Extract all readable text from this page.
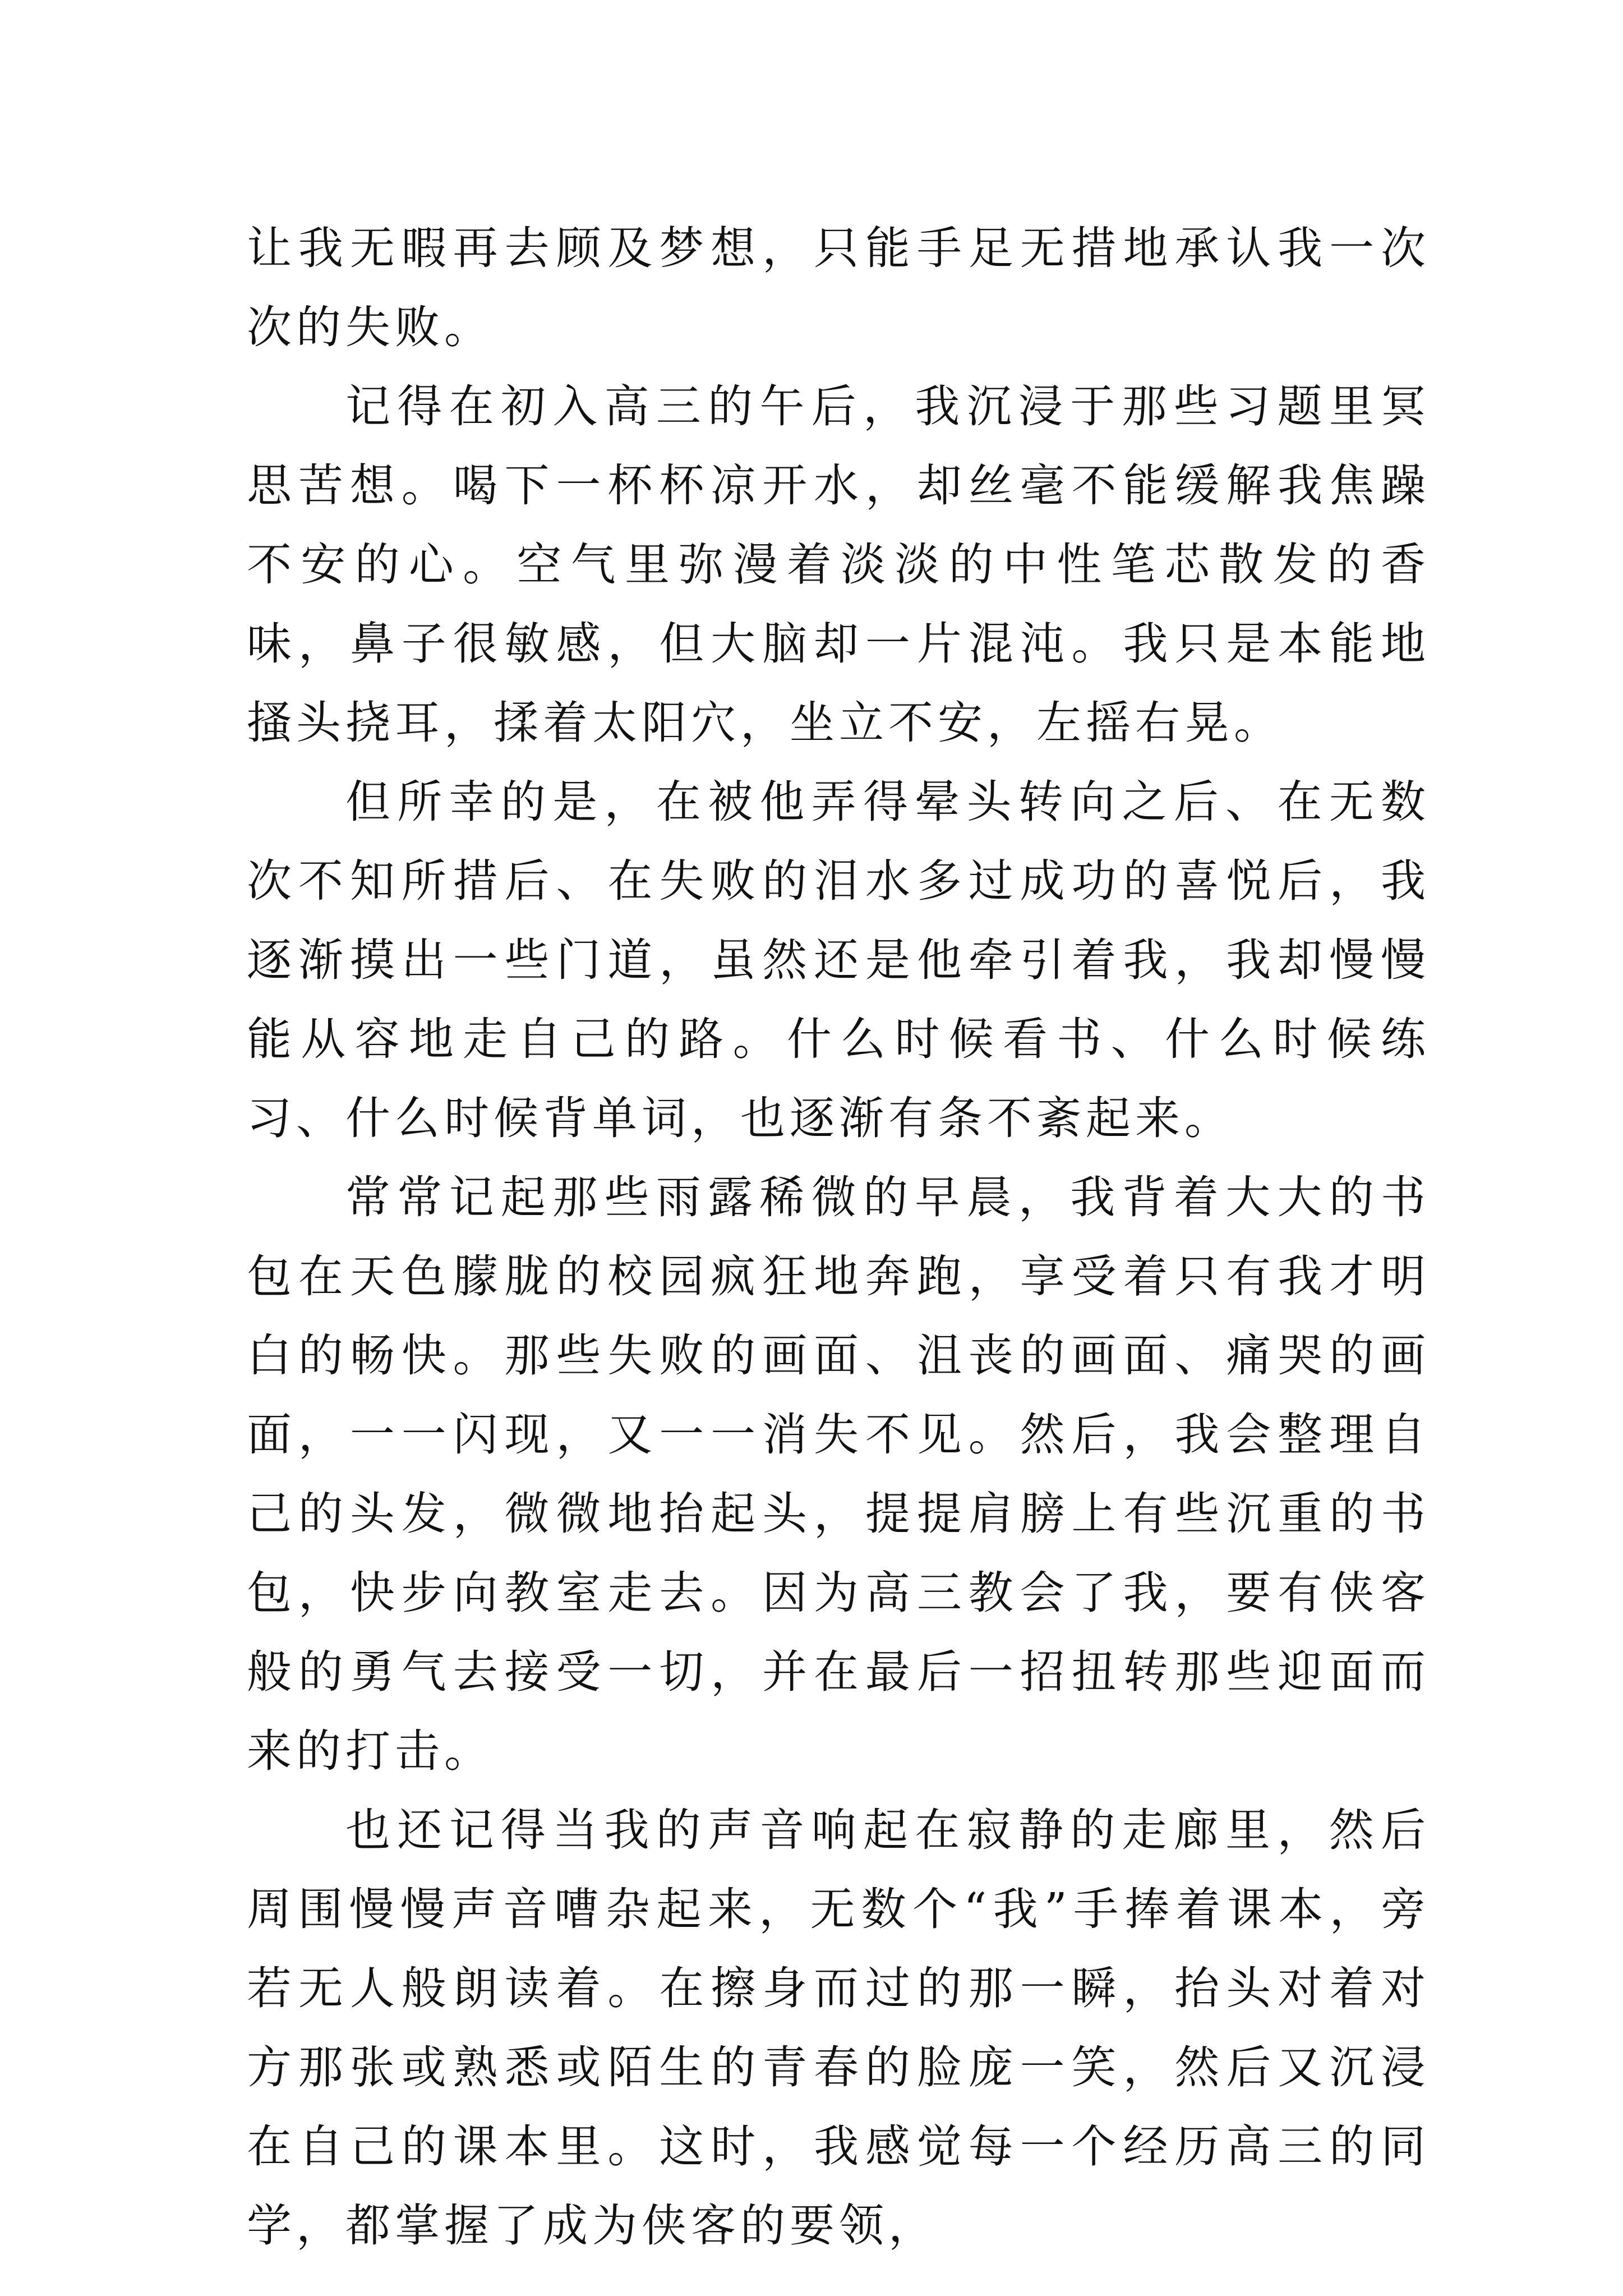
让我无暇再去顾及梦想，只能手足无措地承认我一次次的失败。

记得在初入高三的午后，我沉浸于那些习题里冥思苦想。喝下一杯杯凉开水，却丝毫不能缓解我焦躁不安的心。空气里弥漫着淡淡的中性笔芯散发的香味，鼻子很敏感，但大脑却一片混沌。我只是本能地搔头挠耳，揉着太阳穴，坐立不安，左摇右晃。

但所幸的是，在被他弄得晕头转向之后、在无数次不知所措后、在失败的泪水多过成功的喜悦后，我逐渐摸出一些门道，虽然还是他牵引着我，我却慢慢能从容地走自己的路。什么时候看书、什么时候练习、什么时候背单词，也逐渐有条不紊起来。

常常记起那些雨露稀微的早晨，我背着大大的书包在天色朦胧的校园疯狂地奔跑，享受着只有我才明白的畅快。那些失败的画面、沮丧的画面、痛哭的画面，一一闪现，又一一消失不见。然后，我会整理自己的头发，微微地抬起头，提提肩膀上有些沉重的书包，快步向教室走去。因为高三教会了我，要有侠客般的勇气去接受一切，并在最后一招扭转那些迎面而来的打击。

也还记得当我的声音响起在寂静的走廊里，然后周围慢慢声音嘈杂起来，无数个“我”手捧着课本，旁若无人般朗读着。在擦身而过的那一瞬，抬头对着对方那张或熟悉或陌生的青春的脸庞一笑，然后又沉浸在自己的课本里。这时，我感觉每一个经历高三的同学，都掌握了成为侠客的要领，
